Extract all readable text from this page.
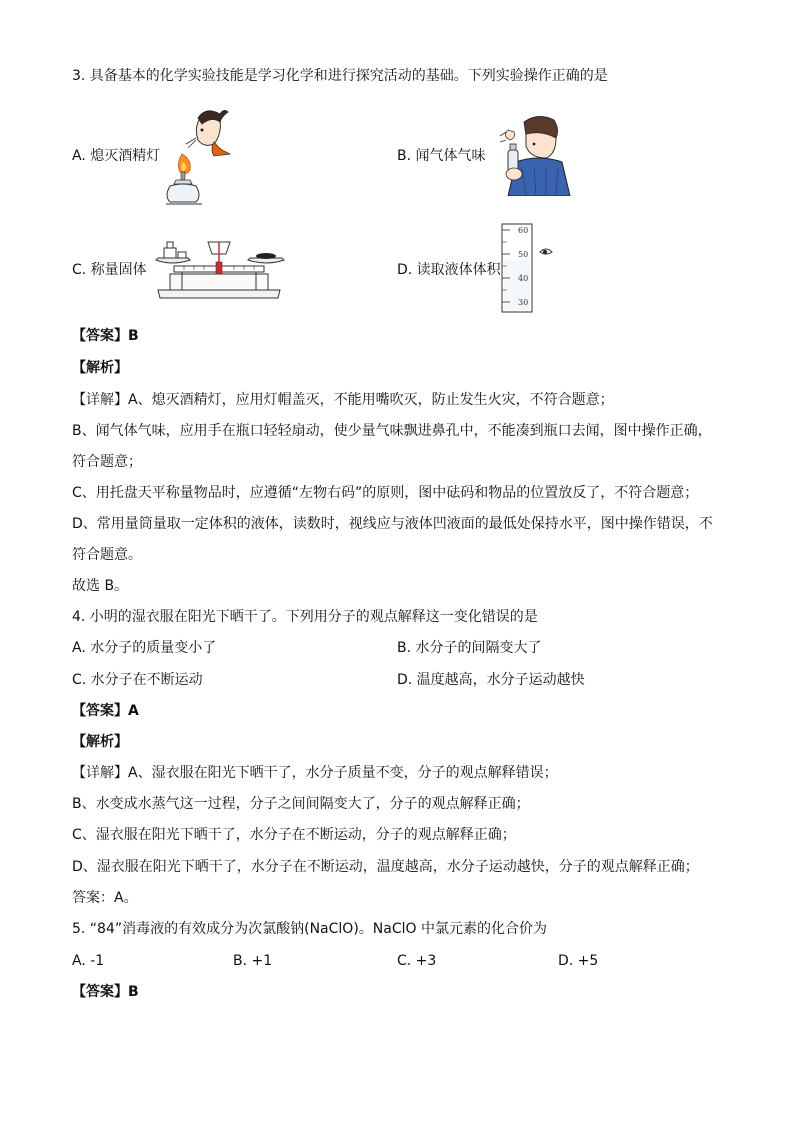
3. 具备基本的化学实验技能是学习化学和进行探究活动的基础。下列实验操作正确的是
A. 熄灭酒精灯	B. 闻气体气味
C. 称量固体	D. 读取液体体积
60
50
40
30
【答案】B
【解析】
【详解】A、熄灭酒精灯，应用灯帽盖灭，不能用嘴吹灭，防止发生火灾，不符合题意；
B、闻气体气味，应用手在瓶口轻轻扇动，使少量气味飘进鼻孔中，不能凑到瓶口去闻，图中操作正确，
符合题意；
C、用托盘天平称量物品时，应遵循“左物右码”的原则，图中砝码和物品的位置放反了，不符合题意；
D、常用量筒量取一定体积的液体，读数时，视线应与液体凹液面的最低处保持水平，图中操作错误，不
符合题意。
故选 B。
4. 小明的湿衣服在阳光下晒干了。下列用分子的观点解释这一变化错误的是
A. 水分子的质量变小了	B. 水分子的间隔变大了
C. 水分子在不断运动	D. 温度越高，水分子运动越快
【答案】A
【解析】
【详解】A、湿衣服在阳光下晒干了，水分子质量不变，分子的观点解释错误；
B、水变成水蒸气这一过程，分子之间间隔变大了，分子的观点解释正确；
C、湿衣服在阳光下晒干了，水分子在不断运动，分子的观点解释正确；
D、湿衣服在阳光下晒干了，水分子在不断运动，温度越高，水分子运动越快，分子的观点解释正确；
答案：A。
5. “84”消毒液的有效成分为次氯酸钠(NaClO)。NaClO 中氯元素的化合价为
A. -1	B. +1	C. +3	D. +5
【答案】B
